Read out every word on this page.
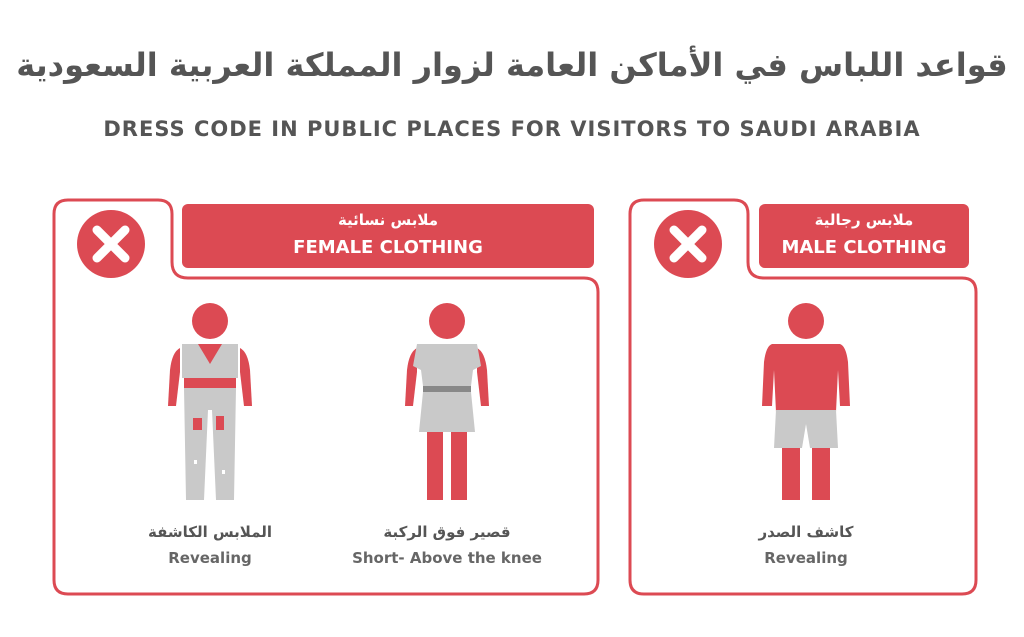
قواعد اللباس في الأماكن العامة لزوار المملكة العربية السعودية
DRESS CODE IN PUBLIC PLACES FOR VISITORS TO SAUDI ARABIA
ملابس نسائية
FEMALE CLOTHING
ملابس رجالية
MALE CLOTHING
الملابس الكاشفة
Revealing
قصير فوق الركبة
Short- Above the knee
كاشف الصدر
Revealing
